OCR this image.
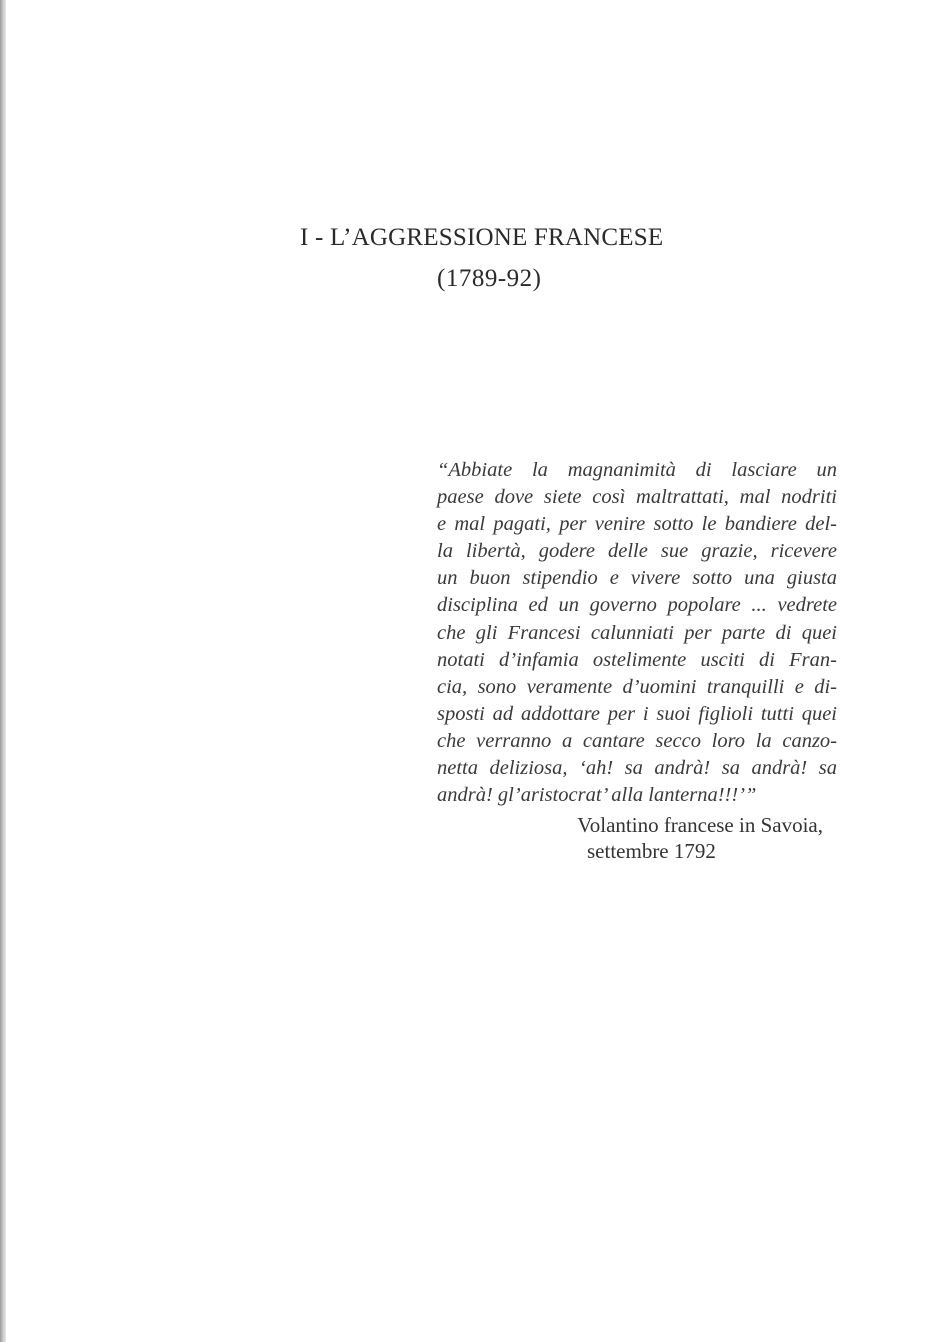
I - L’AGGRESSIONE FRANCESE
(1789-92)
“Abbiate la magnanimità di lasciare un
paese dove siete così maltrattati, mal nodriti
e mal pagati, per venire sotto le bandiere del-
la libertà, godere delle sue grazie, ricevere
un buon stipendio e vivere sotto una giusta
disciplina ed un governo popolare ... vedrete
che gli Francesi calunniati per parte di quei
notati d’infamia ostelimente usciti di Fran-
cia, sono veramente d’uomini tranquilli e di-
sposti ad addottare per i suoi figlioli tutti quei
che verranno a cantare secco loro la canzo-
netta deliziosa, ‘ah! sa andrà! sa andrà! sa
andrà! gl’aristocrat’ alla lanterna!!!’”
Volantino francese in Savoia,
settembre 1792
